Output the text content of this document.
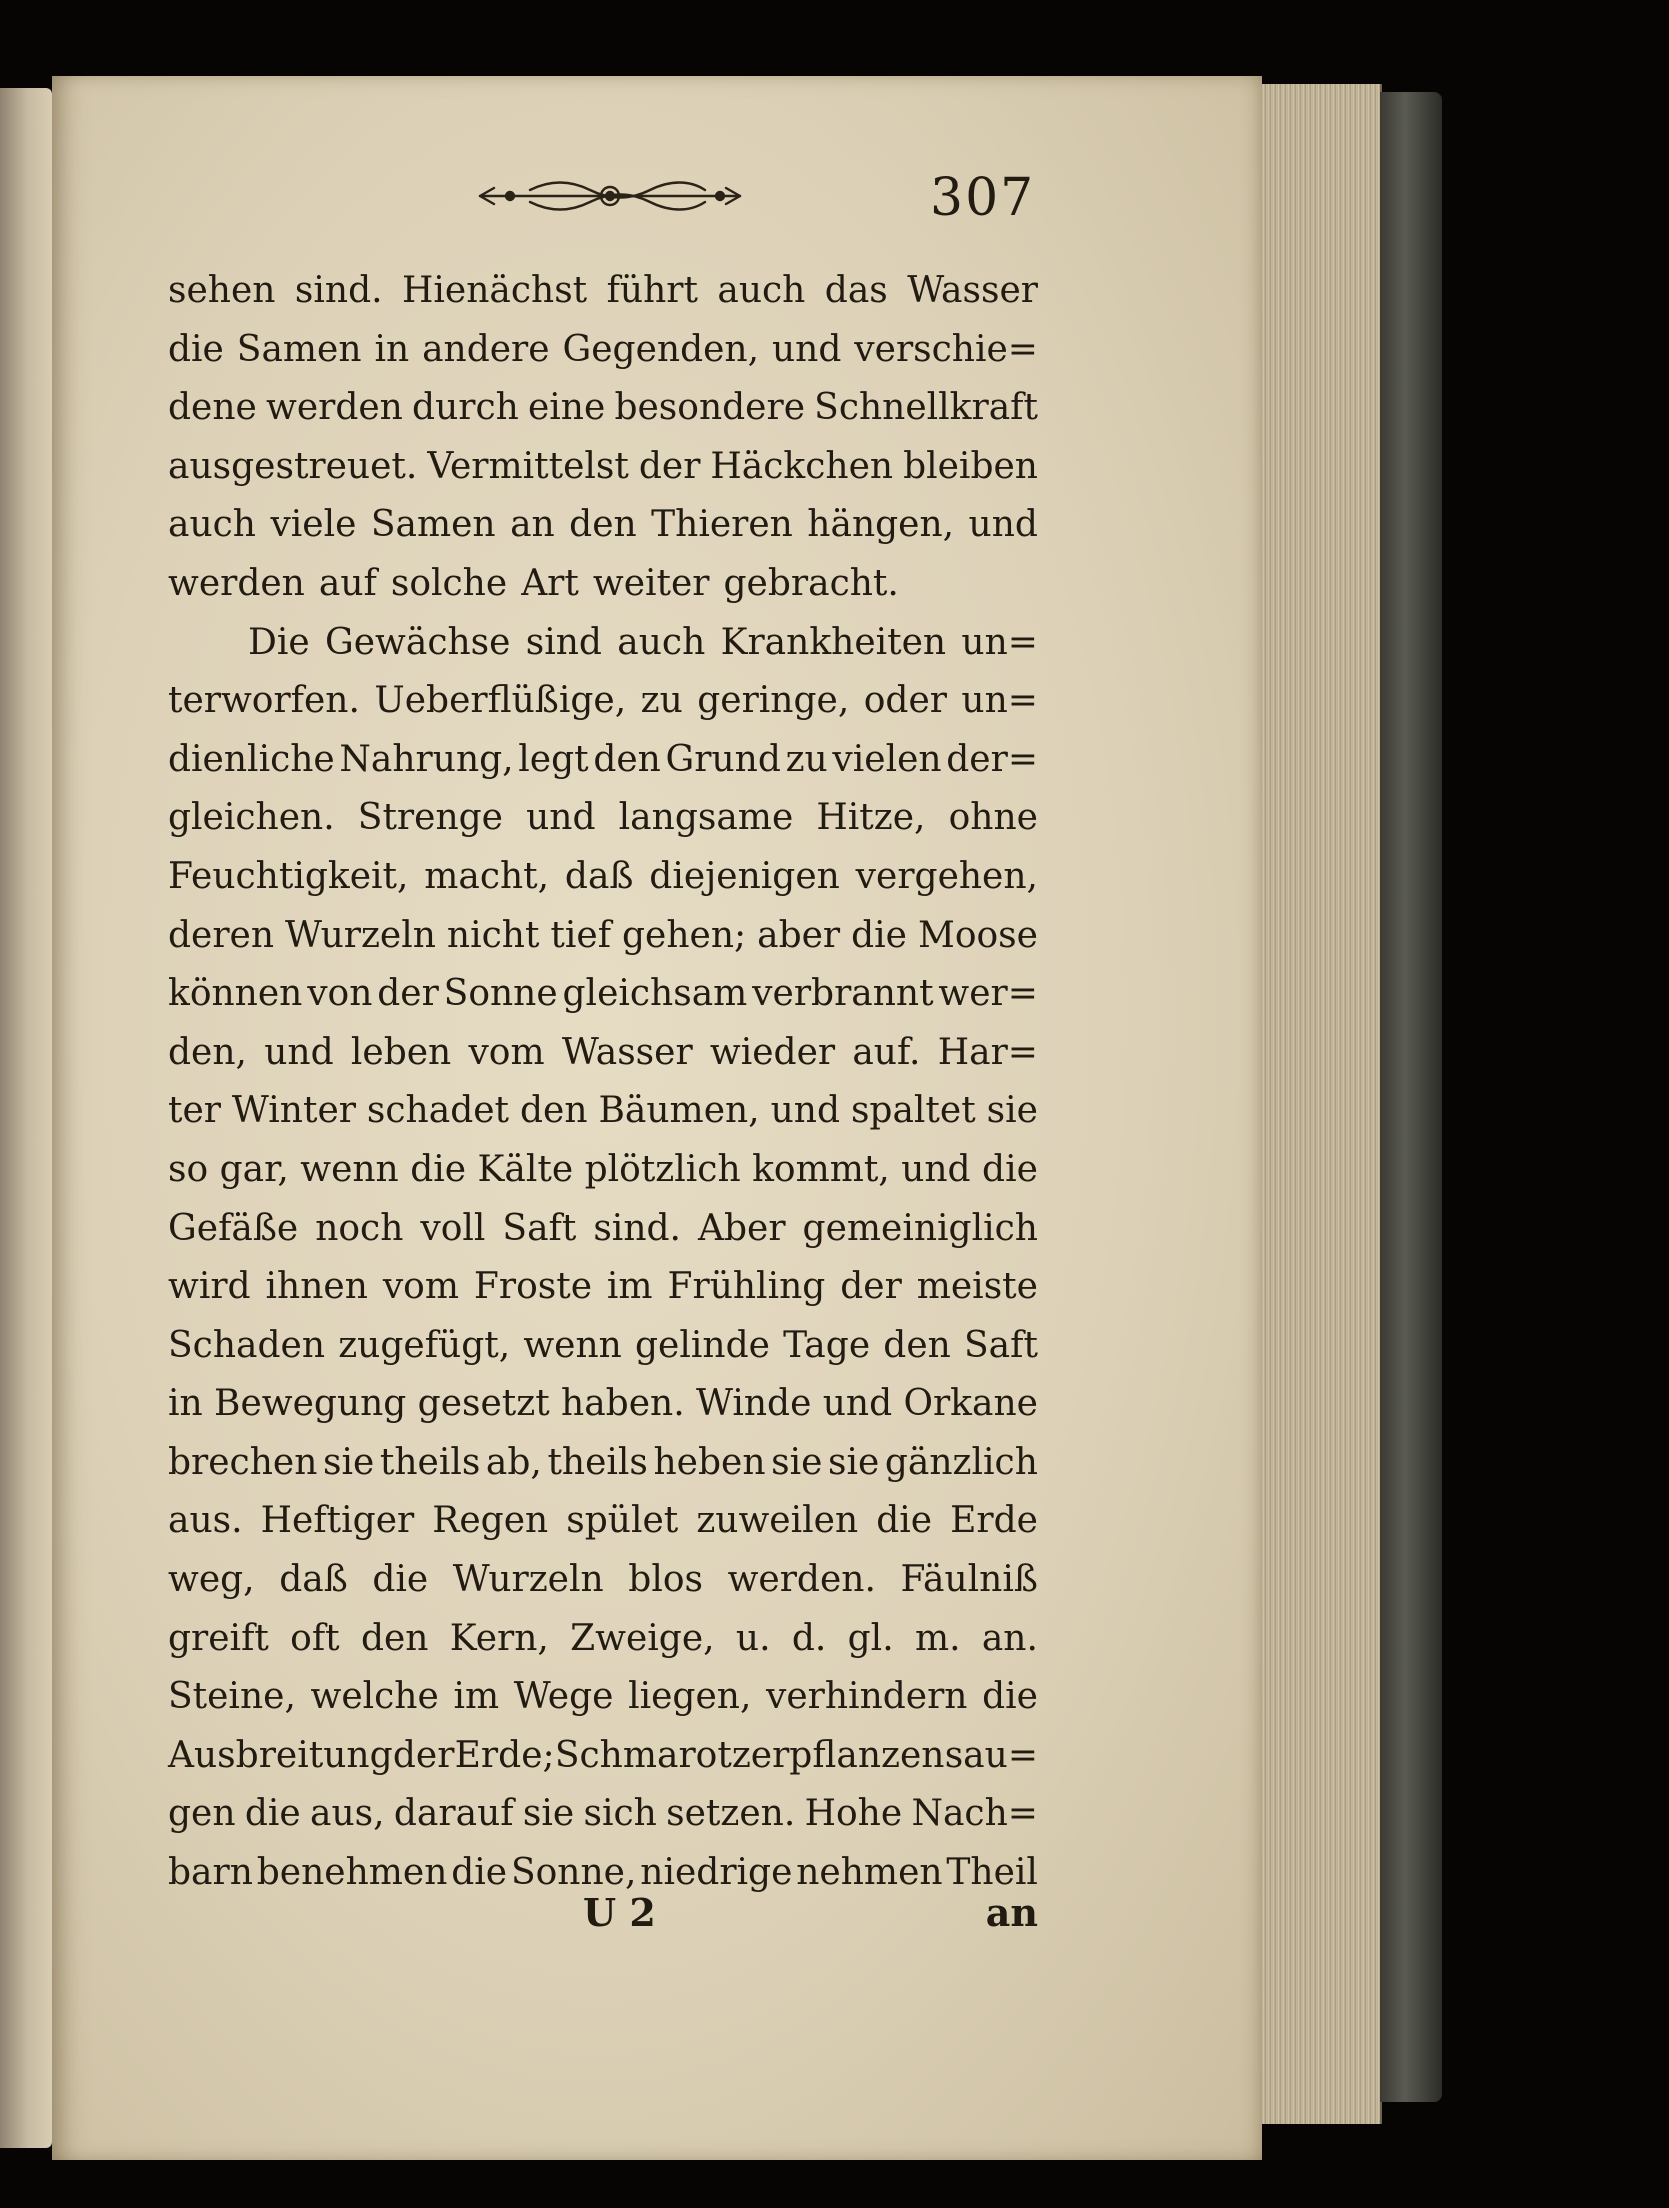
307
sehen sind. Hienächst führt auch das Wasser
die Samen in andere Gegenden, und verschie=
dene werden durch eine besondere Schnellkraft
ausgestreuet. Vermittelst der Häckchen bleiben
auch viele Samen an den Thieren hängen, und
werden auf solche Art weiter gebracht.
Die Gewächse sind auch Krankheiten un=
terworfen. Ueberflüßige, zu geringe, oder un=
dienliche Nahrung, legt den Grund zu vielen der=
gleichen. Strenge und langsame Hitze, ohne
Feuchtigkeit, macht, daß diejenigen vergehen,
deren Wurzeln nicht tief gehen; aber die Moose
können von der Sonne gleichsam verbrannt wer=
den, und leben vom Wasser wieder auf. Har=
ter Winter schadet den Bäumen, und spaltet sie
so gar, wenn die Kälte plötzlich kommt, und die
Gefäße noch voll Saft sind. Aber gemeiniglich
wird ihnen vom Froste im Frühling der meiste
Schaden zugefügt, wenn gelinde Tage den Saft
in Bewegung gesetzt haben. Winde und Orkane
brechen sie theils ab, theils heben sie sie gänzlich
aus. Heftiger Regen spület zuweilen die Erde
weg, daß die Wurzeln blos werden. Fäulniß
greift oft den Kern, Zweige, u. d. gl. m. an.
Steine, welche im Wege liegen, verhindern die
Ausbreitung der Erde; Schmarotzerpflanzen sau=
gen die aus, darauf sie sich setzen. Hohe Nach=
barn benehmen die Sonne, niedrige nehmen Theil
U 2	an
